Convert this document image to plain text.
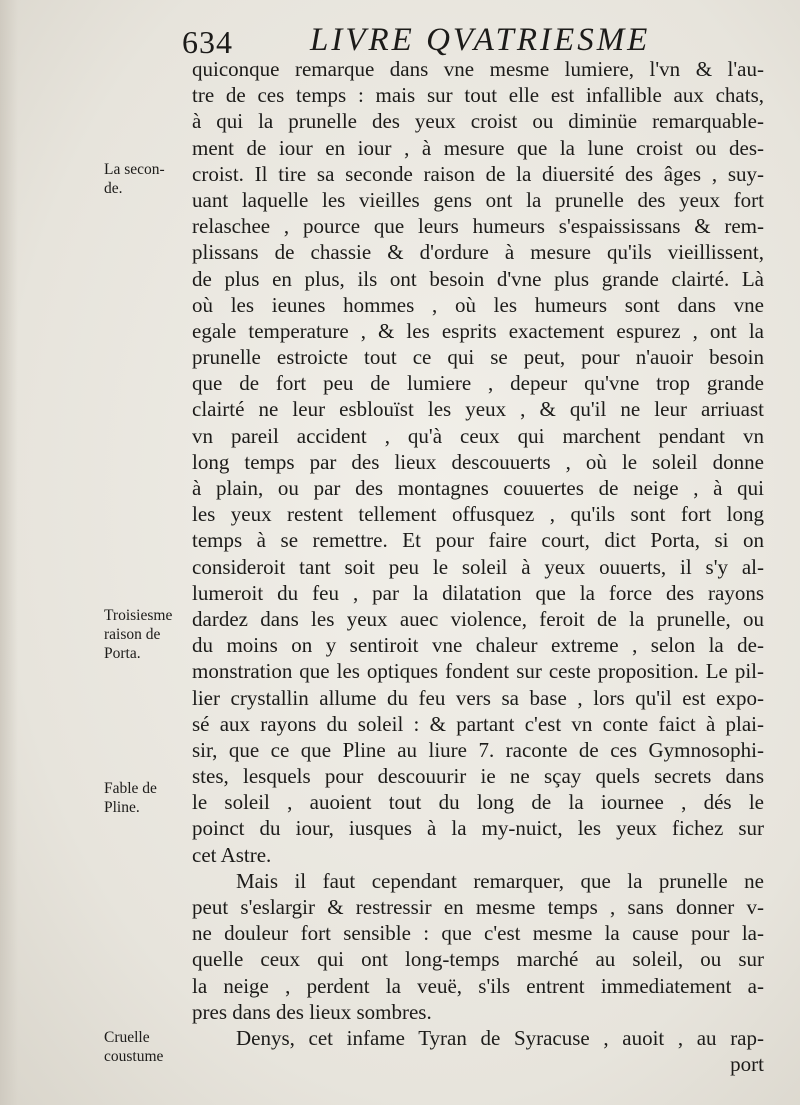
634 LIVRE QVATRIESME
La secon-
de.
Troisiesme
raison de
Porta.
Fable de
Pline.
Cruelle
coustume
quiconque remarque dans vne mesme lumiere, l'vn & l'au-
tre de ces temps : mais sur tout elle est infallible aux chats,
à qui la prunelle des yeux croist ou diminüe remarquable-
ment de iour en iour , à mesure que la lune croist ou des-
croist. Il tire sa seconde raison de la diuersité des âges , suy-
uant laquelle les vieilles gens ont la prunelle des yeux fort
relaschee , pource que leurs humeurs s'espaississans & rem-
plissans de chassie & d'ordure à mesure qu'ils vieillissent,
de plus en plus, ils ont besoin d'vne plus grande clairté. Là
où les ieunes hommes , où les humeurs sont dans vne
egale temperature , & les esprits exactement espurez , ont la
prunelle estroicte tout ce qui se peut, pour n'auoir besoin
que de fort peu de lumiere , depeur qu'vne trop grande
clairté ne leur esblouïst les yeux , & qu'il ne leur arriuast
vn pareil accident , qu'à ceux qui marchent pendant vn
long temps par des lieux descouuerts , où le soleil donne
à plain, ou par des montagnes couuertes de neige , à qui
les yeux restent tellement offusquez , qu'ils sont fort long
temps à se remettre. Et pour faire court, dict Porta, si on
consideroit tant soit peu le soleil à yeux ouuerts, il s'y al-
lumeroit du feu , par la dilatation que la force des rayons
dardez dans les yeux auec violence, feroit de la prunelle, ou
du moins on y sentiroit vne chaleur extreme , selon la de-
monstration que les optiques fondent sur ceste proposition. Le pil-
lier crystallin allume du feu vers sa base , lors qu'il est expo-
sé aux rayons du soleil : & partant c'est vn conte faict à plai-
sir, que ce que Pline au liure 7. raconte de ces Gymnosophi-
stes, lesquels pour descouurir ie ne sçay quels secrets dans
le soleil , auoient tout du long de la iournee , dés le
poinct du iour, iusques à la my-nuict, les yeux fichez sur
cet Astre.
Mais il faut cependant remarquer, que la prunelle ne
peut s'eslargir & restressir en mesme temps , sans donner v-
ne douleur fort sensible : que c'est mesme la cause pour la-
quelle ceux qui ont long-temps marché au soleil, ou sur
la neige , perdent la veuë, s'ils entrent immediatement a-
pres dans des lieux sombres.
Denys, cet infame Tyran de Syracuse , auoit , au rap-
port
